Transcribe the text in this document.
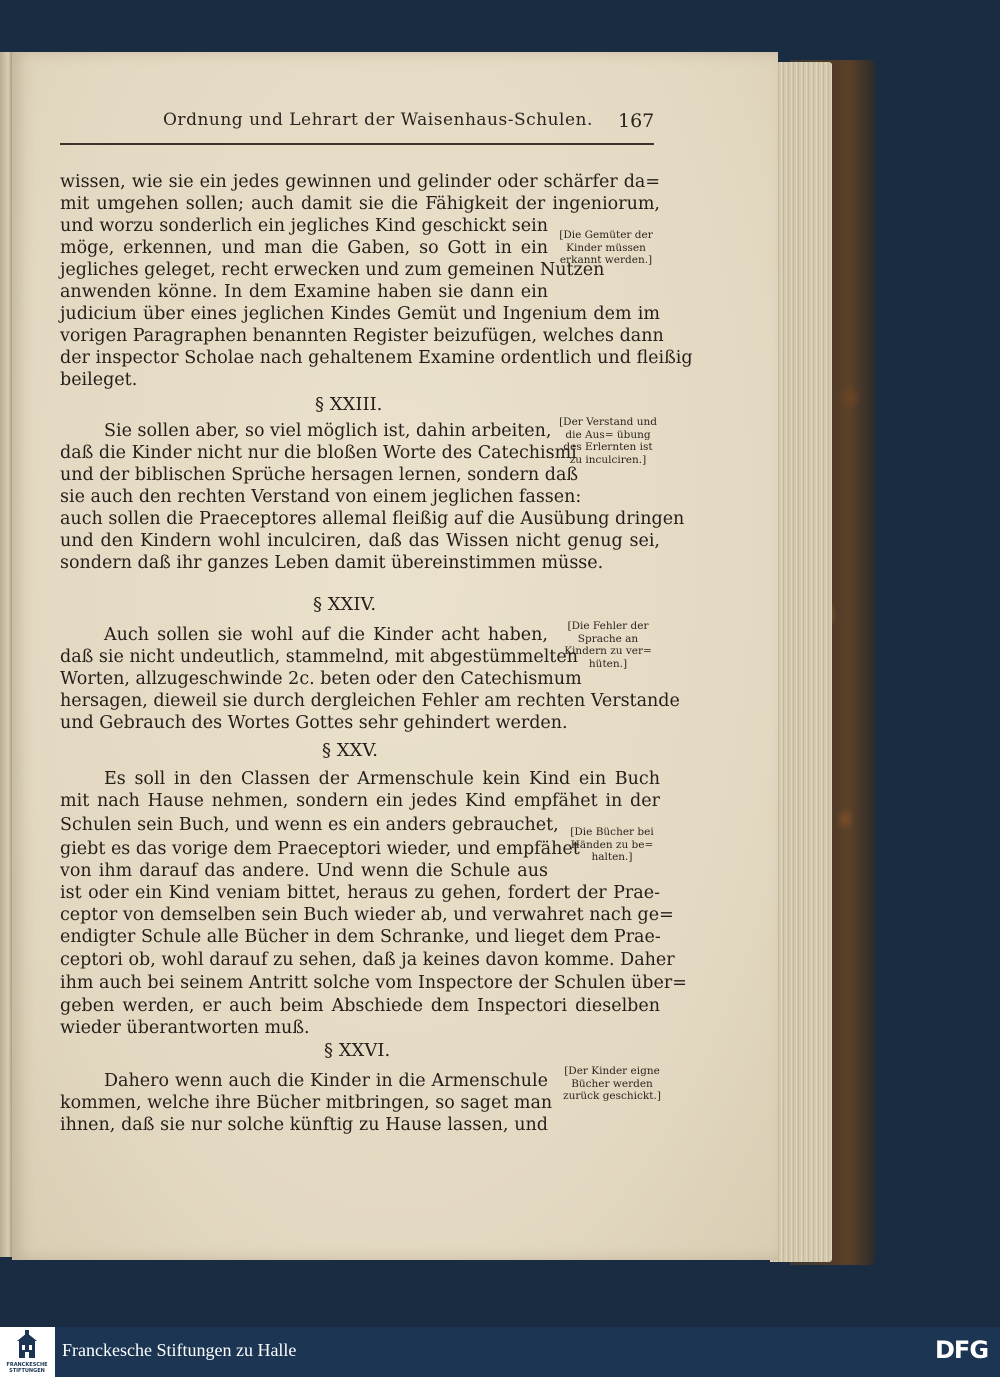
Ordnung und Lehrart der Waisenhaus-Schulen. 167
wissen, wie sie ein jedes gewinnen und gelinder oder schärfer da=
mit umgehen sollen; auch damit sie die Fähigkeit der ingeniorum,
und worzu sonderlich ein jegliches Kind geschickt sein
möge, erkennen, und man die Gaben, so Gott in ein
jegliches geleget, recht erwecken und zum gemeinen Nutzen
anwenden könne. In dem Examine haben sie dann ein
judicium über eines jeglichen Kindes Gemüt und Ingenium dem im
vorigen Paragraphen benannten Register beizufügen, welches dann
der inspector Scholae nach gehaltenem Examine ordentlich und fleißig
beileget.
[Die Gemüter der Kinder müssen erkannt werden.]
§ XXIII.
Sie sollen aber, so viel möglich ist, dahin arbeiten,
daß die Kinder nicht nur die bloßen Worte des Catechismi
und der biblischen Sprüche hersagen lernen, sondern daß
sie auch den rechten Verstand von einem jeglichen fassen:
auch sollen die Praeceptores allemal fleißig auf die Ausübung dringen
und den Kindern wohl inculciren, daß das Wissen nicht genug sei,
sondern daß ihr ganzes Leben damit übereinstimmen müsse.
[Der Verstand und die Aus= übung des Erlernten ist zu inculciren.]
§ XXIV.
Auch sollen sie wohl auf die Kinder acht haben,
daß sie nicht undeutlich, stammelnd, mit abgestümmelten
Worten, allzugeschwinde 2c. beten oder den Catechismum
hersagen, dieweil sie durch dergleichen Fehler am rechten Verstande
und Gebrauch des Wortes Gottes sehr gehindert werden.
[Die Fehler der Sprache an Kindern zu ver= hüten.]
§ XXV.
Es soll in den Classen der Armenschule kein Kind ein Buch
mit nach Hause nehmen, sondern ein jedes Kind empfähet in der
Schulen sein Buch, und wenn es ein anders gebrauchet,
giebt es das vorige dem Praeceptori wieder, und empfähet
von ihm darauf das andere. Und wenn die Schule aus
ist oder ein Kind veniam bittet, heraus zu gehen, fordert der Prae-
ceptor von demselben sein Buch wieder ab, und verwahret nach ge=
endigter Schule alle Bücher in dem Schranke, und lieget dem Prae-
ceptori ob, wohl darauf zu sehen, daß ja keines davon komme. Daher
ihm auch bei seinem Antritt solche vom Inspectore der Schulen über=
geben werden, er auch beim Abschiede dem Inspectori dieselben
wieder überantworten muß.
[Die Bücher bei Händen zu be= halten.]
§ XXVI.
Dahero wenn auch die Kinder in die Armenschule
kommen, welche ihre Bücher mitbringen, so saget man
ihnen, daß sie nur solche künftig zu Hause lassen, und
[Der Kinder eigne Bücher werden zurück geschickt.]
FRANCKESCHE STIFTUNGEN
Franckesche Stiftungen zu Halle	DFG
